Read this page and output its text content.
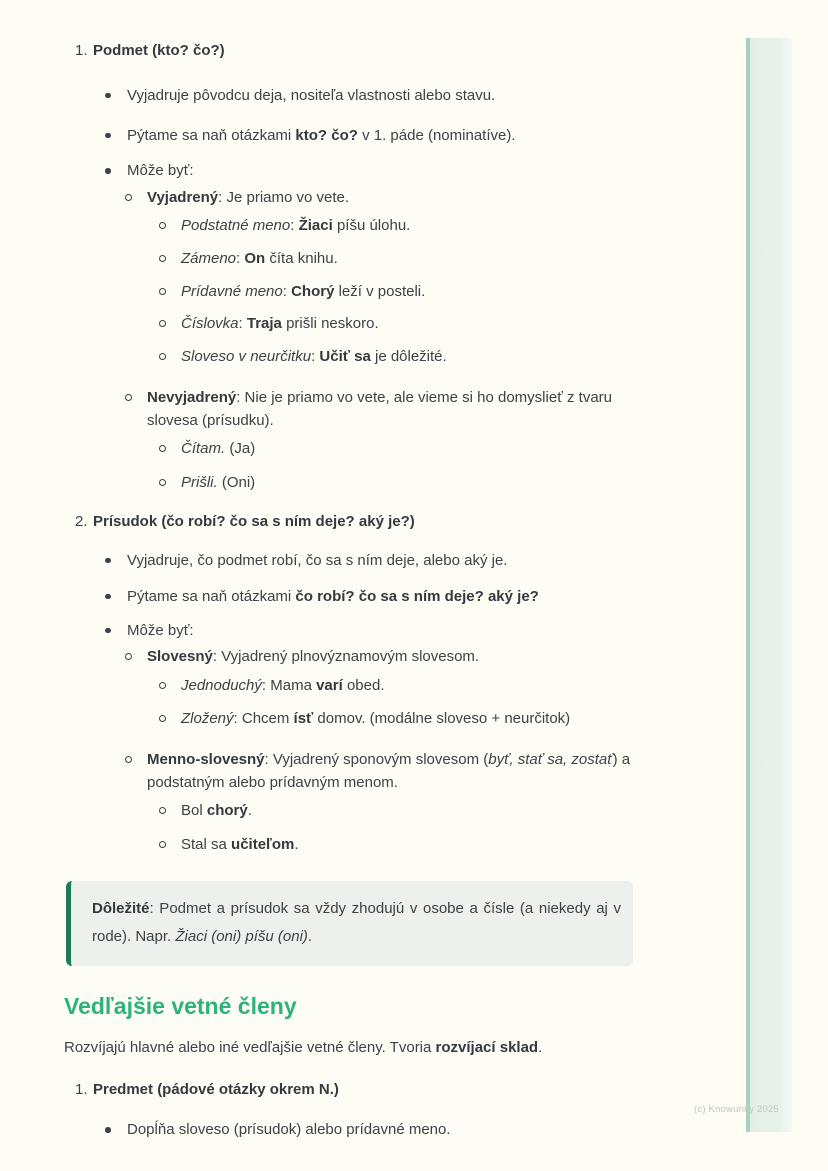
(c) Knowunity 2025
1. Podmet (kto? čo?)
Vyjadruje pôvodcu deja, nositeľa vlastnosti alebo stavu.
Pýtame sa naň otázkami kto? čo? v 1. páde (nominatíve).
Môže byť:
Vyjadrený: Je priamo vo vete.
Podstatné meno: Žiaci píšu úlohu.
Zámeno: On číta knihu.
Prídavné meno: Chorý leží v posteli.
Číslovka: Traja prišli neskoro.
Sloveso v neurčitku: Učiť sa je dôležité.
Nevyjadrený: Nie je priamo vo vete, ale vieme si ho domyslieť z tvaru slovesa (prísudku).
Čítam. (Ja)
Prišli. (Oni)
2. Prísudok (čo robí? čo sa s ním deje? aký je?)
Vyjadruje, čo podmet robí, čo sa s ním deje, alebo aký je.
Pýtame sa naň otázkami čo robí? čo sa s ním deje? aký je?
Môže byť:
Slovesný: Vyjadrený plnovýznamovým slovesom.
Jednoduchý: Mama varí obed.
Zložený: Chcem ísť domov. (modálne sloveso + neurčitok)
Menno-slovesný: Vyjadrený sponovým slovesom (byť, stať sa, zostať) a podstatným alebo prídavným menom.
Bol chorý.
Stal sa učiteľom.
Dôležité: Podmet a prísudok sa vždy zhodujú v osobe a čísle (a niekedy aj v rode). Napr. Žiaci (oni) píšu (oni).
Vedľajšie vetné členy

Rozvíjajú hlavné alebo iné vedľajšie vetné členy. Tvoria rozvíjací sklad.

1. Predmet (pádové otázky okrem N.)
Dopĺňa sloveso (prísudok) alebo prídavné meno.
